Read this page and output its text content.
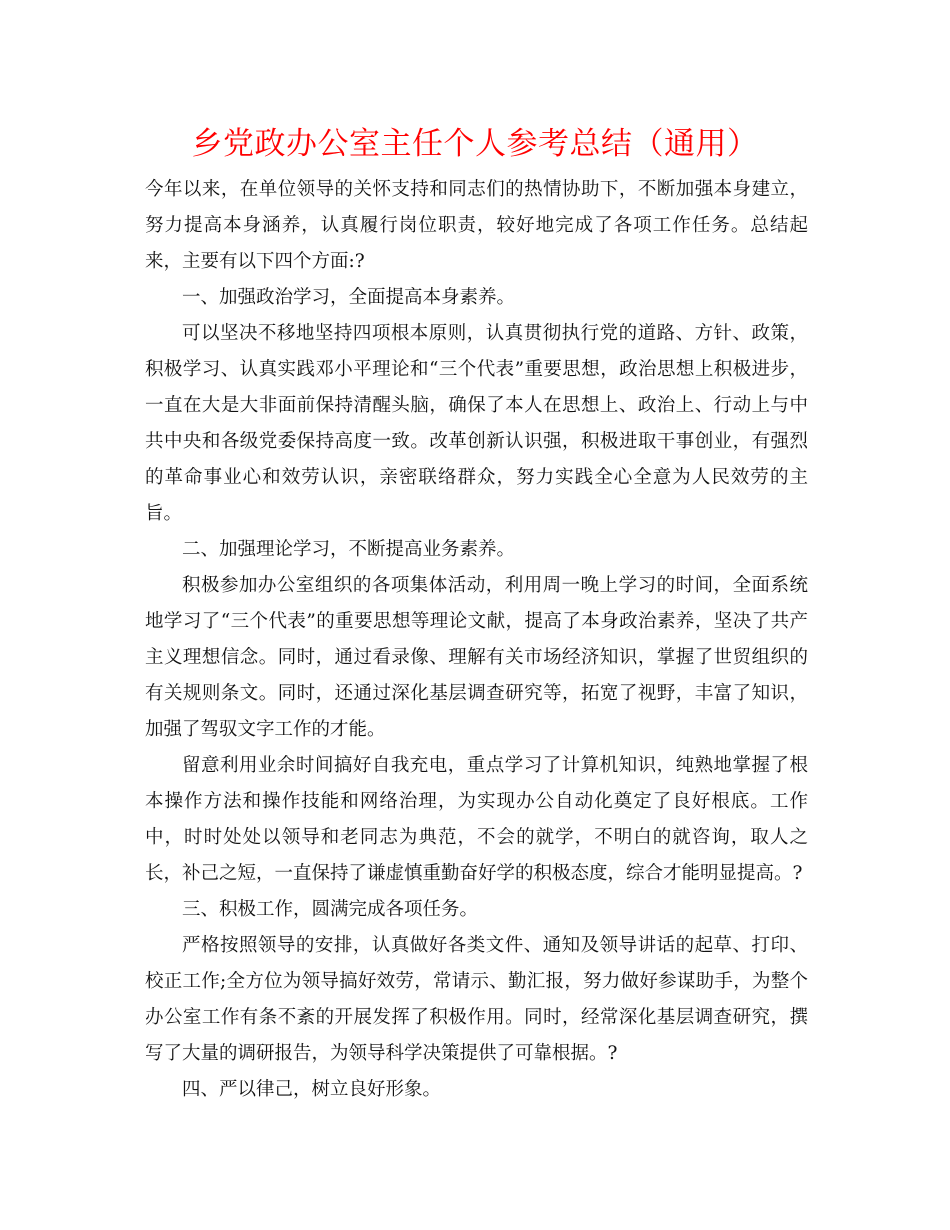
乡党政办公室主任个人参考总结（通用）

今年以来，在单位领导的关怀支持和同志们的热情协助下，不断加强本身建立，努力提高本身涵养，认真履行岗位职责，较好地完成了各项工作任务。总结起来，主要有以下四个方面:?

一、加强政治学习，全面提高本身素养。

可以坚决不移地坚持四项根本原则，认真贯彻执行党的道路、方针、政策，积极学习、认真实践邓小平理论和“三个代表”重要思想，政治思想上积极进步，一直在大是大非面前保持清醒头脑，确保了本人在思想上、政治上、行动上与中共中央和各级党委保持高度一致。改革创新认识强，积极进取干事创业，有强烈的革命事业心和效劳认识，亲密联络群众，努力实践全心全意为人民效劳的主旨。

二、加强理论学习，不断提高业务素养。

积极参加办公室组织的各项集体活动，利用周一晚上学习的时间，全面系统地学习了“三个代表”的重要思想等理论文献，提高了本身政治素养，坚决了共产主义理想信念。同时，通过看录像、理解有关市场经济知识，掌握了世贸组织的有关规则条文。同时，还通过深化基层调查研究等，拓宽了视野，丰富了知识，加强了驾驭文字工作的才能。

留意利用业余时间搞好自我充电，重点学习了计算机知识，纯熟地掌握了根本操作方法和操作技能和网络治理，为实现办公自动化奠定了良好根底。工作中，时时处处以领导和老同志为典范，不会的就学，不明白的就咨询，取人之长，补己之短，一直保持了谦虚慎重勤奋好学的积极态度，综合才能明显提高。?

三、积极工作，圆满完成各项任务。

严格按照领导的安排，认真做好各类文件、通知及领导讲话的起草、打印、校正工作;全方位为领导搞好效劳，常请示、勤汇报，努力做好参谋助手，为整个办公室工作有条不紊的开展发挥了积极作用。同时，经常深化基层调查研究，撰写了大量的调研报告，为领导科学决策提供了可靠根据。?

四、严以律己，树立良好形象。
